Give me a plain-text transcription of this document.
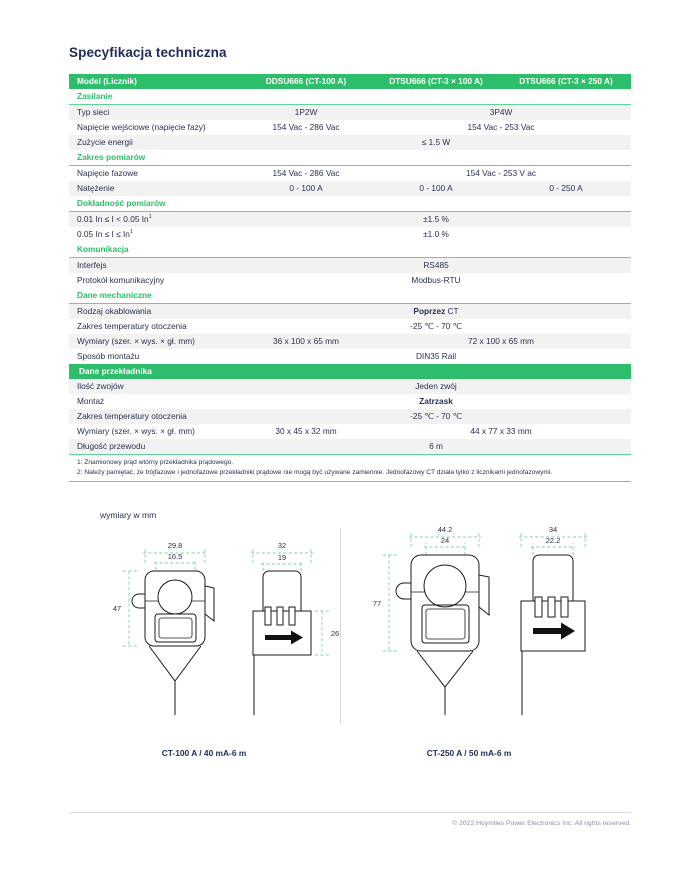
Specyfikacja techniczna
Model (Licznik)	DDSU666 (CT-100 A)	DTSU666 (CT-3 × 100 A)	DTSU666 (CT-3 × 250 A)
Zasilanie			
Typ sieci	1P2W	3P4W	
Napięcie wejściowe (napięcie fazy)	154 Vac - 286 Vac	154 Vac - 253 Vac	
Zużycie energii	≤ 1.5 W		
Zakres pomiarów			
Napięcie fazowe	154 Vac - 286 Vac	154 Vac - 253 V ac	
Natężenie	0 - 100 A	0 - 100 A	0 - 250 A
Dokładność pomiarów			
0.01 In ≤ I < 0.05 $In^1$	±1.5 %		
0.05 $In \le I \le In^1$	±1.0 %		
Komunikacja			
Interfejs	RS485		
Protokół komunikacyjny	Modbus-RTU		
Dane mechaniczne			
Rodzaj okablowania	Poprzez CT		
Zakres temperatury otoczenia	-25 ℃ - 70 ℃		
Wymiary (szer. × wys. × gł. mm)	36 x 100 x 65 mm	72 x 100 x 65 mm	
Sposób montażu	DIN35 Rail		
Dane przekładnika			
Ilość zwojów	Jeden zwój		
Montaż	Zatrzask		
Zakres temperatury otoczenia	-25 ℃ - 70 ℃		
Wymiary (szer. × wys. × gł. mm)	30 x 45 x 32 mm	44 x 77 x 33 mm	
Długość przewodu	6 m		

1: Znamionowy prąd wtórny przekładnika prądowego.
2: Należy pamiętać, że trójfazowe i jednofazowe przekładniki prądowe nie mogą być używane zamiennie. Jednofazowy CT działa tylko z licznikami jednofazowymi.			
wymiary w mm
29.8
16.5
47
32
19
26
44.2
24
77
34
22.2
CT-100 A / 40 mA-6 m	CT-250 A / 50 mA-6 m
© 2022 Hoymiles Power Electronics Inc. All rights reserved.
